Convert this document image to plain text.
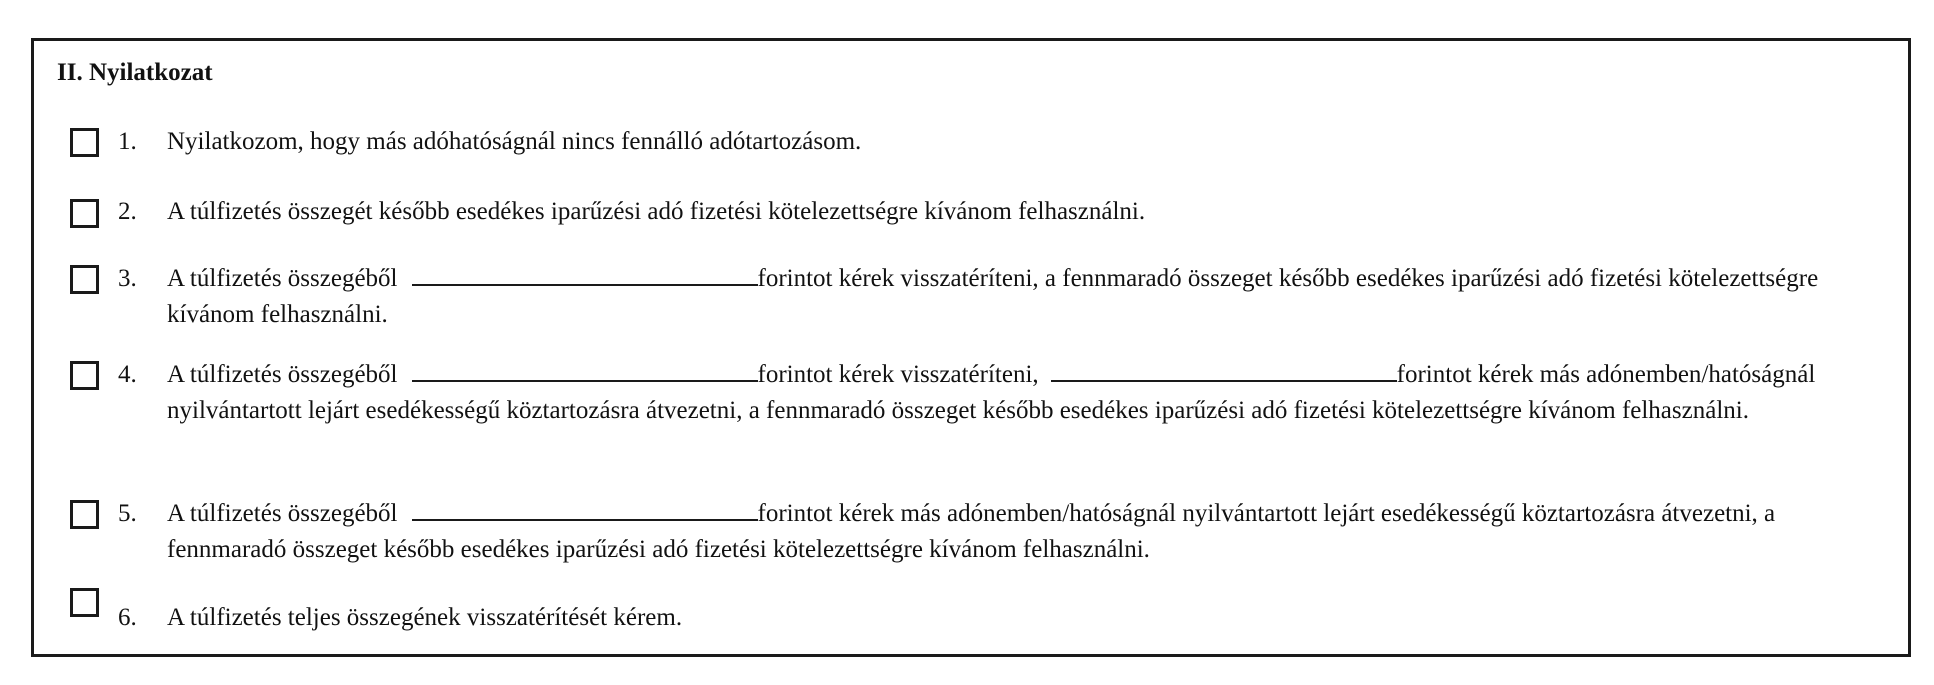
II. Nyilatkozat
1. Nyilatkozom, hogy más adóhatóságnál nincs fennálló adótartozásom.

2. A túlfizetés összegét később esedékes iparűzési adó fizetési kötelezettségre kívánom felhasználni.

3. A túlfizetés összegéből	forintot kérek visszatéríteni, a fennmaradó összeget később esedékes iparűzési adó fizetési kötelezettségre kívánom felhasználni.

4. A túlfizetés összegéből	forintot kérek visszatéríteni,	forintot kérek más adónemben/hatóságnál nyilvántartott lejárt esedékességű köztartozásra átvezetni, a fennmaradó összeget később esedékes iparűzési adó fizetési kötelezettségre kívánom felhasználni.

5. A túlfizetés összegéből	forintot kérek más adónemben/hatóságnál nyilvántartott lejárt esedékességű köztartozásra átvezetni, a fennmaradó összeget később esedékes iparűzési adó fizetési kötelezettségre kívánom felhasználni.

6. A túlfizetés teljes összegének visszatérítését kérem.
